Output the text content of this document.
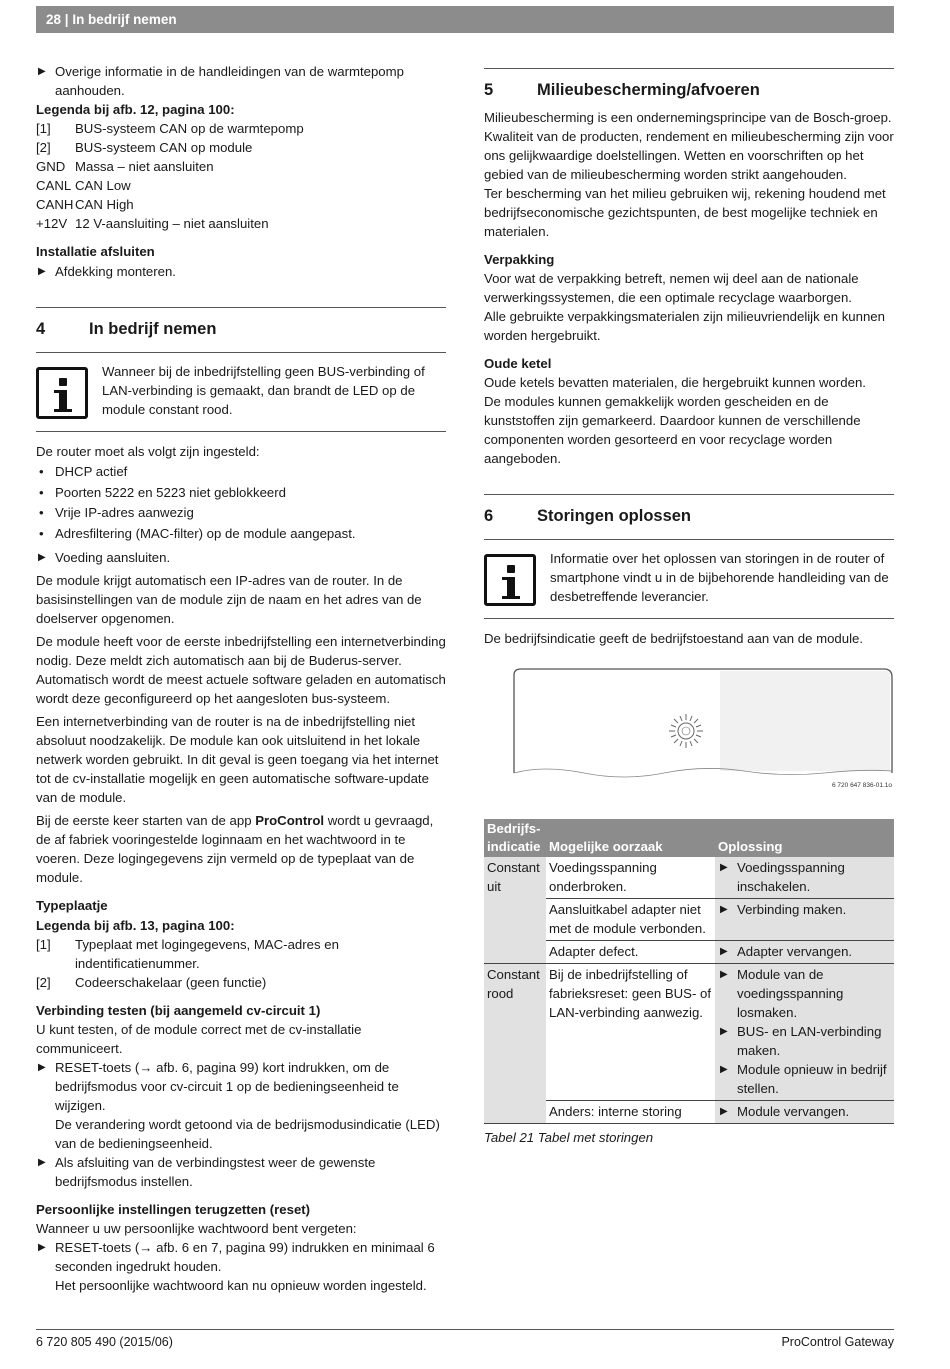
28 | In bedrijf nemen

▶ Overige informatie in de handleidingen van de warmtepomp aanhouden.

Legenda bij afb. 12, pagina 100:

[1]	BUS-systeem CAN op de warmtepomp
[2]	BUS-systeem CAN op module
GND Massa – niet aansluiten
CANL CAN Low
CANH CAN High
+12V 12 V-aansluiting – niet aansluiten

Installatie afsluiten

▶ Afdekking monteren.

4	In bedrijf nemen

Wanneer bij de inbedrijfstelling geen BUS-verbinding of LAN-verbinding is gemaakt, dan brandt de LED op de module constant rood.

De router moet als volgt zijn ingesteld:

• DHCP actief

• Poorten 5222 en 5223 niet geblokkeerd

• Vrije IP-adres aanwezig

• Adresfiltering (MAC-filter) op de module aangepast.

▶ Voeding aansluiten.

De module krijgt automatisch een IP-adres van de router. In de basisinstellingen van de module zijn de naam en het adres van de doelserver opgenomen.

De module heeft voor de eerste inbedrijfstelling een internetverbinding nodig. Deze meldt zich automatisch aan bij de Buderus-server. Automatisch wordt de meest actuele software geladen en automatisch wordt deze geconfigureerd op het aangesloten bus-systeem.

Een internetverbinding van de router is na de inbedrijfstelling niet absoluut noodzakelijk. De module kan ook uitsluitend in het lokale netwerk worden gebruikt. In dit geval is geen toegang via het internet tot de cv-installatie mogelijk en geen automatische software-update van de module.

Bij de eerste keer starten van de app ProControl wordt u gevraagd, de af fabriek vooringestelde loginnaam en het wachtwoord in te voeren. Deze logingegevens zijn vermeld op de typeplaat van de module.

Typeplaatje

Legenda bij afb. 13, pagina 100:

[1]	Typeplaat met logingegevens, MAC-adres en indentificatienummer.
[2]	Codeerschakelaar (geen functie)

Verbinding testen (bij aangemeld cv-circuit 1)

U kunt testen, of de module correct met de cv-installatie communiceert.

▶ RESET-toets (→ afb. 6, pagina 99) kort indrukken, om de bedrijfsmodus voor cv-circuit 1 op de bedieningseenheid te wijzigen.

De verandering wordt getoond via de bedrijsmodusindicatie (LED) van de bedieningseenheid.

▶ Als afsluiting van de verbindingstest weer de gewenste bedrijfsmodus instellen.

Persoonlijke instellingen terugzetten (reset)

Wanneer u uw persoonlijke wachtwoord bent vergeten:

▶ RESET-toets (→ afb. 6 en 7, pagina 99) indrukken en minimaal 6 seconden ingedrukt houden.

Het persoonlijke wachtwoord kan nu opnieuw worden ingesteld.

5	Milieubescherming/afvoeren

Milieubescherming is een ondernemingsprincipe van de Bosch-groep. Kwaliteit van de producten, rendement en milieubescherming zijn voor ons gelijkwaardige doelstellingen. Wetten en voorschriften op het gebied van de milieubescherming worden strikt aangehouden.

Ter bescherming van het milieu gebruiken wij, rekening houdend met bedrijfseconomische gezichtspunten, de best mogelijke techniek en materialen.

Verpakking

Voor wat de verpakking betreft, nemen wij deel aan de nationale verwerkingssystemen, die een optimale recyclage waarborgen.

Alle gebruikte verpakkingsmaterialen zijn milieuvriendelijk en kunnen worden hergebruikt.

Oude ketel

Oude ketels bevatten materialen, die hergebruikt kunnen worden.

De modules kunnen gemakkelijk worden gescheiden en de kunststoffen zijn gemarkeerd. Daardoor kunnen de verschillende componenten worden gesorteerd en voor recyclage worden aangeboden.

6	Storingen oplossen

Informatie over het oplossen van storingen in de router of smartphone vindt u in de bijbehorende handleiding van de desbetreffende leverancier.

De bedrijfsindicatie geeft de bedrijfstoestand aan van de module.

6 720 647 836-01.1o
Bedrijfs-
indicatie	Mogelijke oorzaak	Oplossing
Constant uit	Voedingsspanning onderbroken.	▶ Voedingsspanning inschakelen.

	Aansluitkabel adapter niet met de module verbonden.	▶ Verbinding maken.

	Adapter defect.	▶ Adapter vervangen.

Constant rood	Bij de inbedrijfstelling of fabrieksreset: geen BUS- of LAN-verbinding aanwezig.	▶ Module van de voedingsspanning losmaken.

▶ BUS- en LAN-verbinding maken.

▶ Module opnieuw in bedrijf stellen.

	Anders: interne storing	▶ Module vervangen.

Tabel 21 Tabel met storingen

6 720 805 490 (2015/06)	ProControl Gateway
